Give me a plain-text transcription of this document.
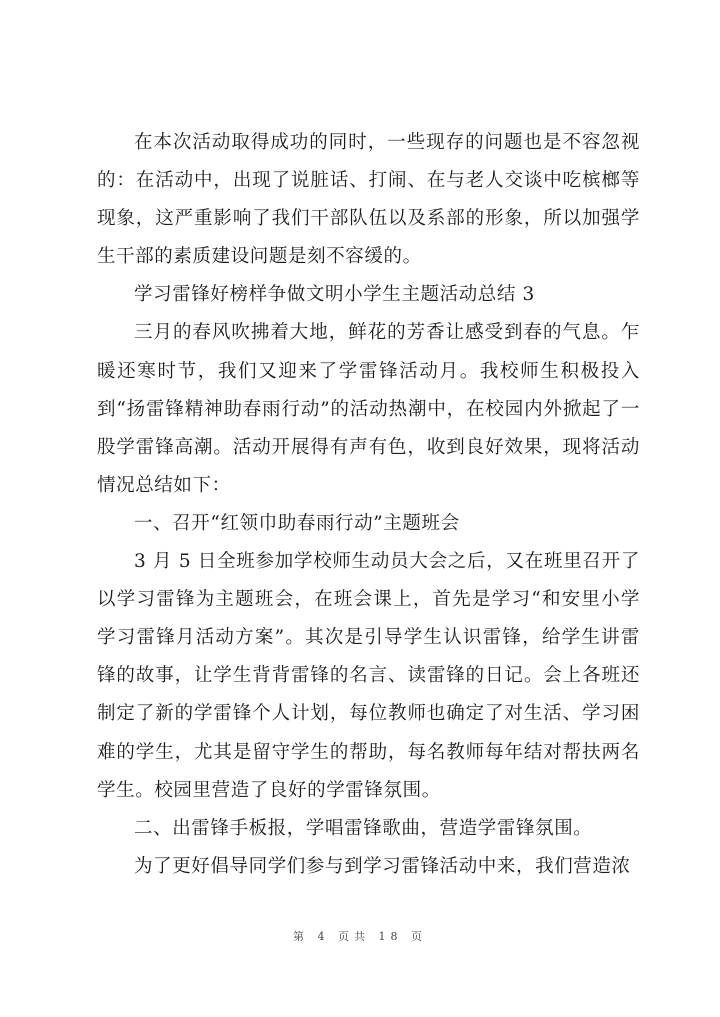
在本次活动取得成功的同时，一些现存的问题也是不容忽视的：在活动中，出现了说脏话、打闹、在与老人交谈中吃槟榔等现象，这严重影响了我们干部队伍以及系部的形象，所以加强学生干部的素质建设问题是刻不容缓的。

学习雷锋好榜样争做文明小学生主题活动总结 3

三月的春风吹拂着大地，鲜花的芳香让感受到春的气息。乍暖还寒时节，我们又迎来了学雷锋活动月。我校师生积极投入到“扬雷锋精神助春雨行动”的活动热潮中，在校园内外掀起了一股学雷锋高潮。活动开展得有声有色，收到良好效果，现将活动情况总结如下：

一、召开“红领巾助春雨行动”主题班会

3 月 5 日全班参加学校师生动员大会之后，又在班里召开了以学习雷锋为主题班会，在班会课上，首先是学习“和安里小学学习雷锋月活动方案”。其次是引导学生认识雷锋，给学生讲雷锋的故事，让学生背背雷锋的名言、读雷锋的日记。会上各班还制定了新的学雷锋个人计划，每位教师也确定了对生活、学习困难的学生，尤其是留守学生的帮助，每名教师每年结对帮扶两名学生。校园里营造了良好的学雷锋氛围。

二、出雷锋手板报，学唱雷锋歌曲，营造学雷锋氛围。

为了更好倡导同学们参与到学习雷锋活动中来，我们营造浓

第 4 页共 18 页
